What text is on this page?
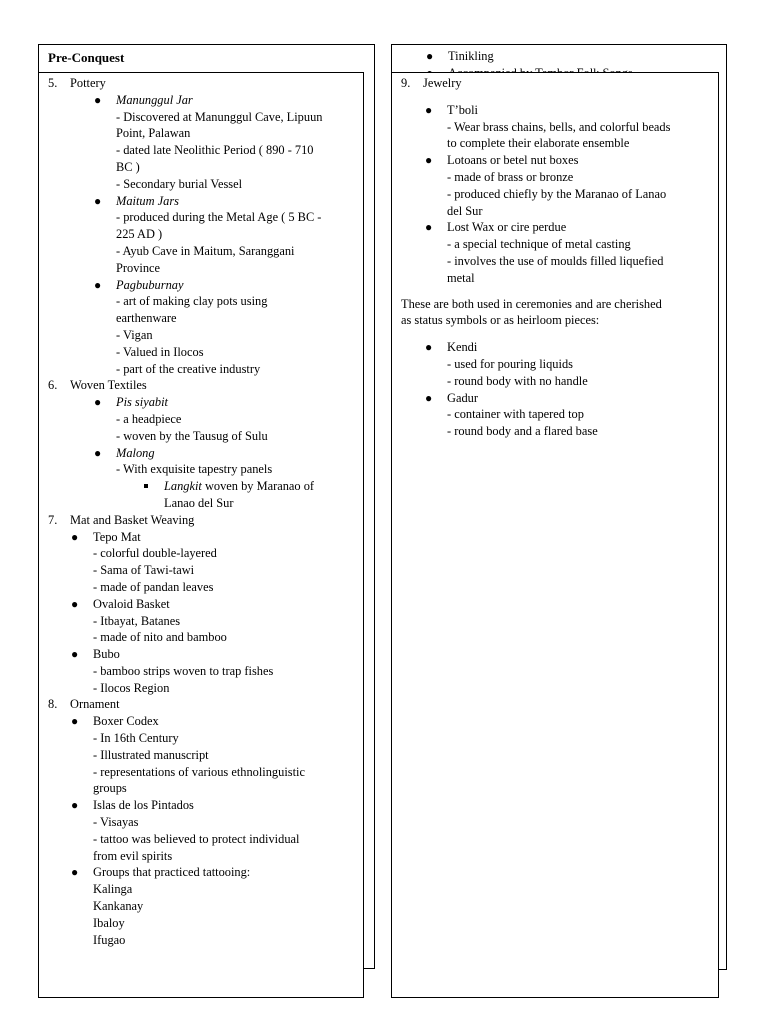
Pre-Conquest
5. Pottery
● Manunggul Jar
- Discovered at Manunggul Cave, Lipuun
Point, Palawan
- dated late Neolithic Period ( 890 - 710
BC )
- Secondary burial Vessel
● Maitum Jars
- produced during the Metal Age ( 5 BC -
225 AD )
- Ayub Cave in Maitum, Saranggani
Province
● Pagbuburnay
- art of making clay pots using
earthenware
- Vigan
- Valued in Ilocos
- part of the creative industry
6. Woven Textiles
● Pis siyabit
- a headpiece
- woven by the Tausug of Sulu
● Malong
- With exquisite tapestry panels
Langkit woven by Maranao of
Lanao del Sur
7. Mat and Basket Weaving
● Tepo Mat
- colorful double-layered
- Sama of Tawi-tawi
- made of pandan leaves
● Ovaloid Basket
- Itbayat, Batanes
- made of nito and bamboo
● Bubo
- bamboo strips woven to trap fishes
- Ilocos Region
8. Ornament
● Boxer Codex
- In 16th Century
- Illustrated manuscript
- representations of various ethnolinguistic
groups
● Islas de los Pintados
- Visayas
- tattoo was believed to protect individual
from evil spirits
● Groups that practiced tattooing:
Kalinga
Kankanay
Ibaloy
Ifugao
● Tinikling
9. Jewelry
● T’boli
- Wear brass chains, bells, and colorful beads
to complete their elaborate ensemble
● Lotoans or betel nut boxes
- made of brass or bronze
- produced chiefly by the Maranao of Lanao
del Sur
● Lost Wax or cire perdue
- a special technique of metal casting
- involves the use of moulds filled liquefied
metal
These are both used in ceremonies and are cherished
as status symbols or as heirloom pieces:
● Kendi
- used for pouring liquids
- round body with no handle
● Gadur
- container with tapered top
- round body and a flared base
